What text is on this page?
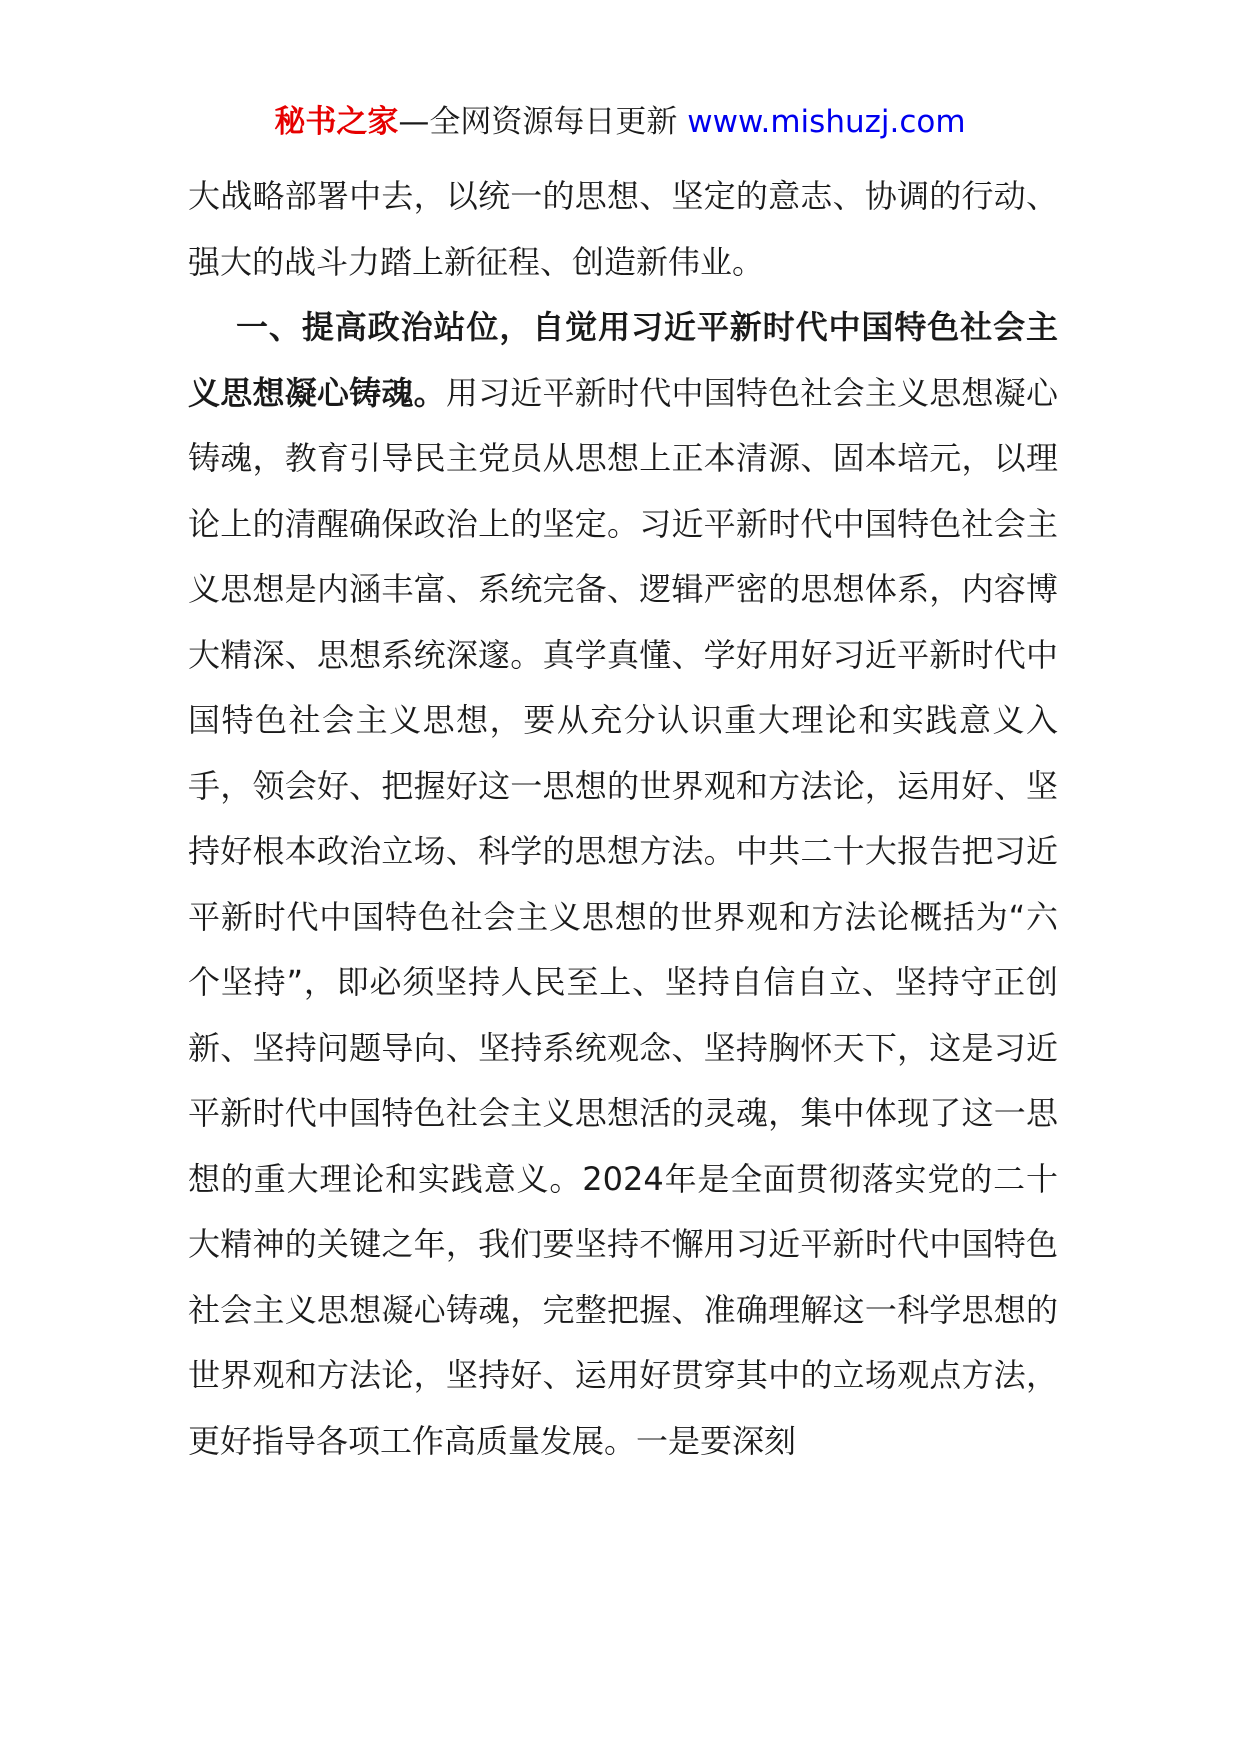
秘书之家—全网资源每日更新 www.mishuzj.com

大战略部署中去，以统一的思想、坚定的意志、协调的行动、强大的战斗力踏上新征程、创造新伟业。

一、提高政治站位，自觉用习近平新时代中国特色社会主义思想凝心铸魂。用习近平新时代中国特色社会主义思想凝心铸魂，教育引导民主党员从思想上正本清源、固本培元，以理论上的清醒确保政治上的坚定。习近平新时代中国特色社会主义思想是内涵丰富、系统完备、逻辑严密的思想体系，内容博大精深、思想系统深邃。真学真懂、学好用好习近平新时代中国特色社会主义思想，要从充分认识重大理论和实践意义入手，领会好、把握好这一思想的世界观和方法论，运用好、坚持好根本政治立场、科学的思想方法。中共二十大报告把习近平新时代中国特色社会主义思想的世界观和方法论概括为“六个坚持”，即必须坚持人民至上、坚持自信自立、坚持守正创新、坚持问题导向、坚持系统观念、坚持胸怀天下，这是习近平新时代中国特色社会主义思想活的灵魂，集中体现了这一思想的重大理论和实践意义。2024年是全面贯彻落实党的二十大精神的关键之年，我们要坚持不懈用习近平新时代中国特色社会主义思想凝心铸魂，完整把握、准确理解这一科学思想的世界观和方法论，坚持好、运用好贯穿其中的立场观点方法，更好指导各项工作高质量发展。一是要深刻
